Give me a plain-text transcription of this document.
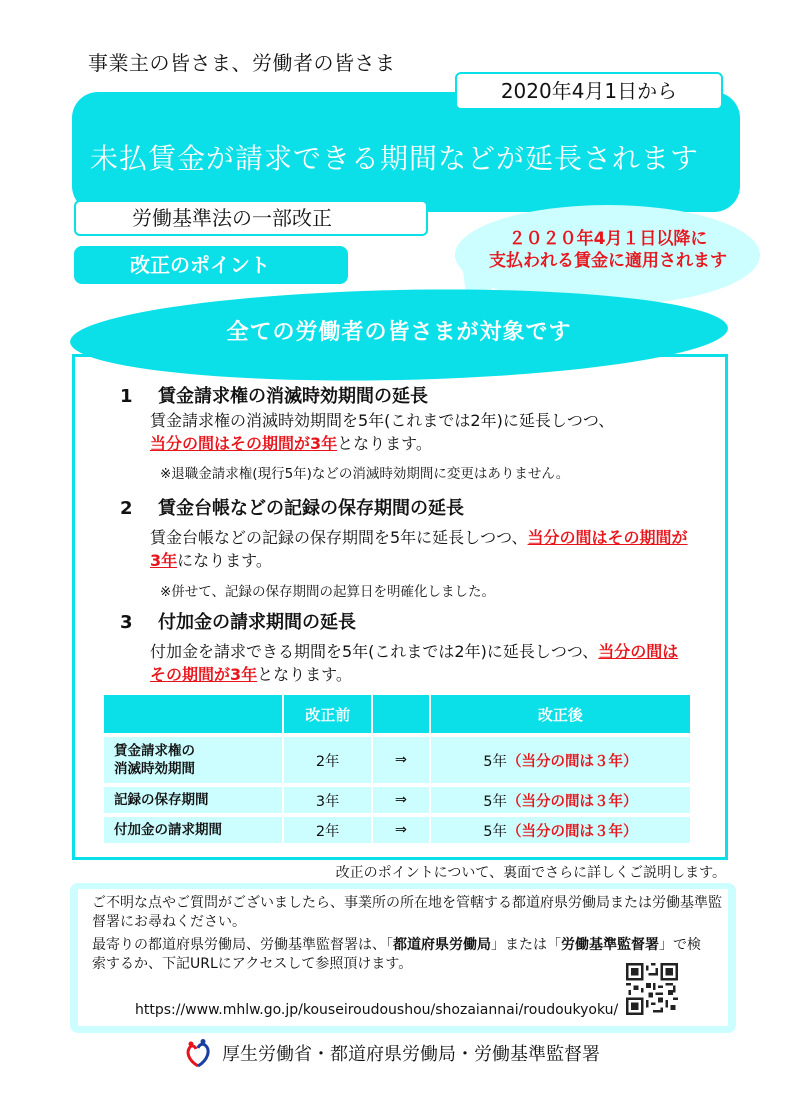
事業主の皆さま、労働者の皆さま
2020年4月1日から
未払賃金が請求できる期間などが延長されます
労働基準法の一部改正
改正のポイント
２０２０年4月１日以降に
支払われる賃金に適用されます
全ての労働者の皆さまが対象です
1 賃金請求権の消滅時効期間の延長
賃金請求権の消滅時効期間を5年(これまでは2年)に延長しつつ、
当分の間はその期間が3年となります。
※退職金請求権(現行5年)などの消滅時効期間に変更はありません。
2 賃金台帳などの記録の保存期間の延長
賃金台帳などの記録の保存期間を5年に延長しつつ、当分の間はその期間が3年になります。
※併せて、記録の保存期間の起算日を明確化しました。
3 付加金の請求期間の延長
付加金を請求できる期間を5年(これまでは2年)に延長しつつ、当分の間はその期間が3年となります。
	改正前		改正後
賃金請求権の
消滅時効期間	2年	⇒	5年（当分の間は３年）
記録の保存期間	3年	⇒	5年（当分の間は３年）
付加金の請求期間	2年	⇒	5年（当分の間は３年）
改正のポイントについて、裏面でさらに詳しくご説明します。

ご不明な点やご質問がございましたら、事業所の所在地を管轄する都道府県労働局または労働基準監督署にお尋ねください。

最寄りの都道府県労働局、労働基準監督署は、「都道府県労働局」または「労働基準監督署」で検索するか、下記URLにアクセスして参照頂けます。

https://www.mhlw.go.jp/kouseiroudoushou/shozaiannai/roudoukyoku/
厚生労働省・都道府県労働局・労働基準監督署
